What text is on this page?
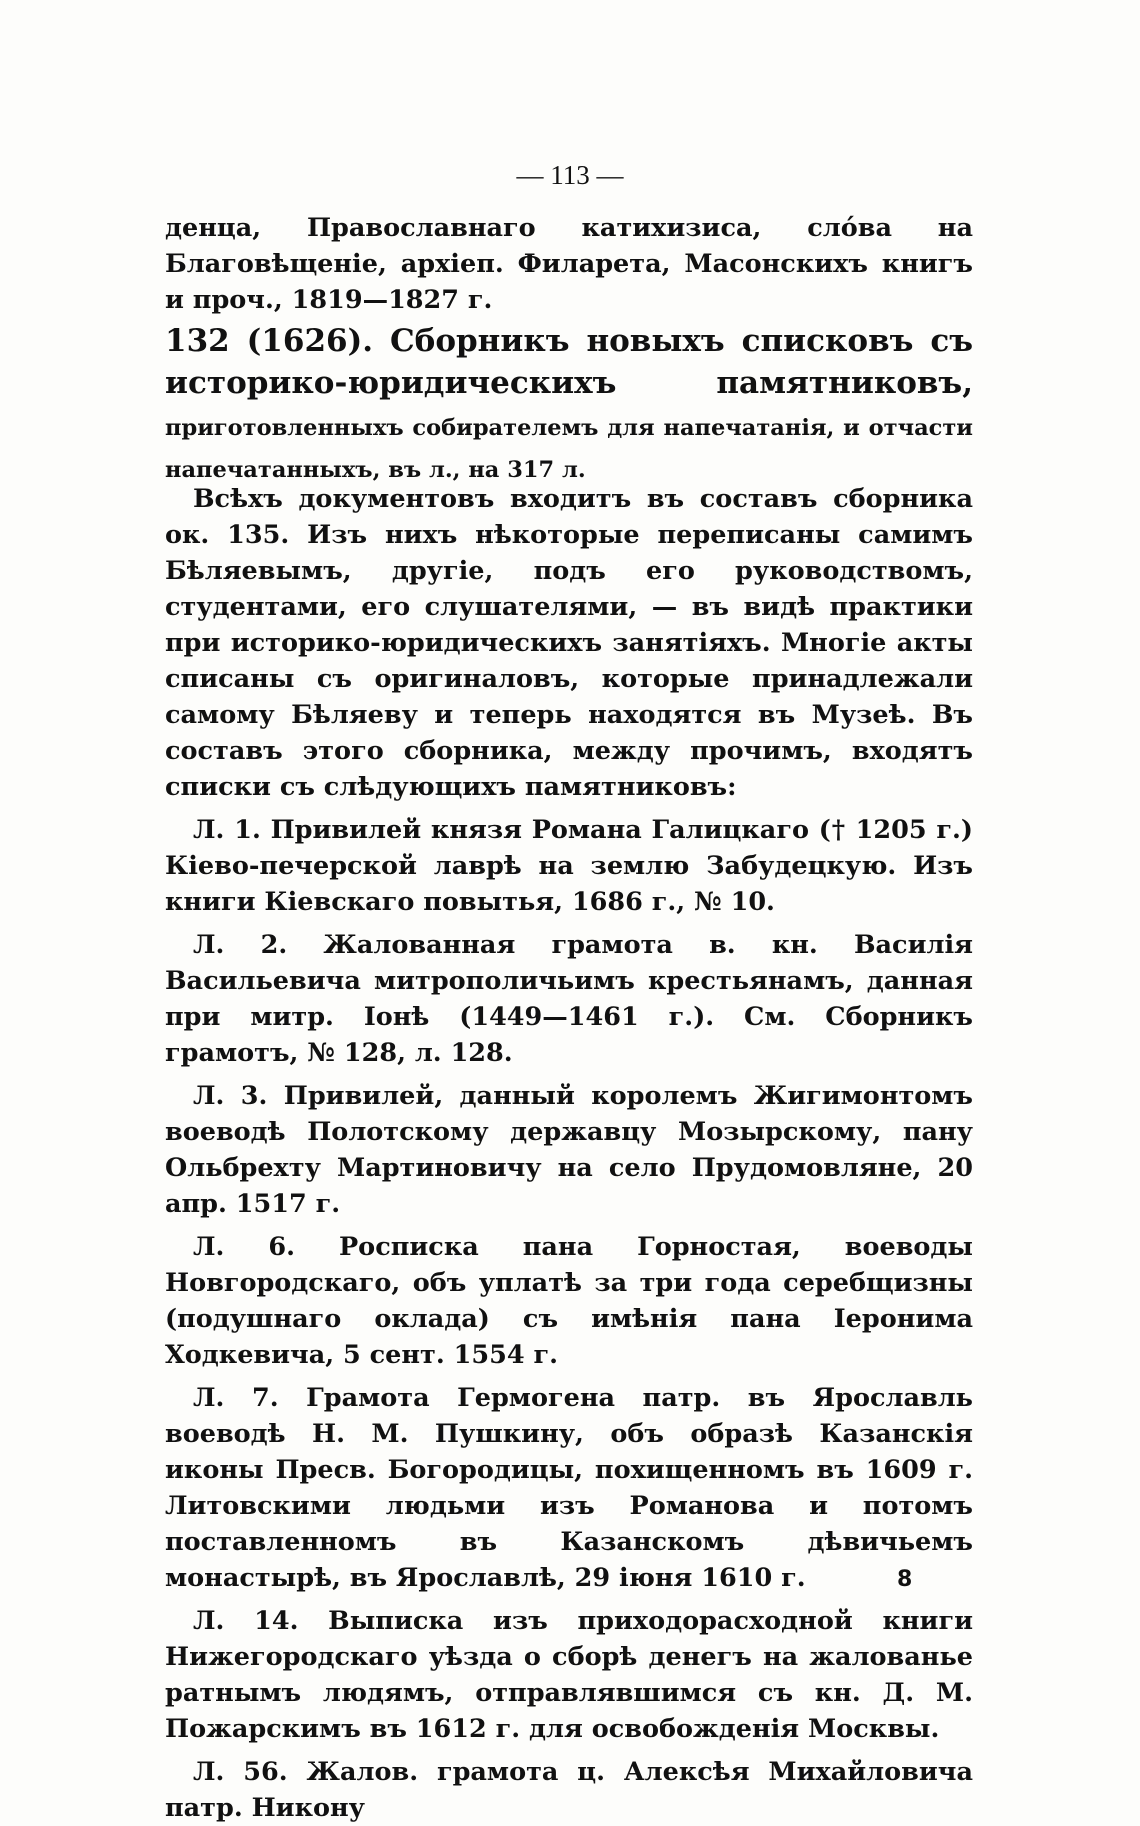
— 113 —

денца, Православнаго катихизиса, сло́ва на Благовѣщеніе, архіеп. Филарета, Масонскихъ книгъ и проч., 1819—1827 г.

132 (1626). Сборникъ новыхъ списковъ съ историко-юридическихъ памятниковъ, приготовленныхъ собирателемъ для напечатанія, и отчасти напечатанныхъ, въ л., на 317 л.

Всѣхъ документовъ входитъ въ составъ сборника ок. 135. Изъ нихъ нѣкоторые переписаны самимъ Бѣляевымъ, другіе, подъ его руководствомъ, студентами, его слушателями, — въ видѣ практики при историко-юридическихъ занятіяхъ. Многіе акты списаны съ оригиналовъ, которые принадлежали самому Бѣляеву и теперь находятся въ Музеѣ. Въ составъ этого сборника, между прочимъ, входятъ списки съ слѣдующихъ памятниковъ:

Л. 1. Привилей князя Романа Галицкаго († 1205 г.) Кіево-печерской лаврѣ на землю Забудецкую. Изъ книги Кіевскаго повытья, 1686 г., № 10.

Л. 2. Жалованная грамота в. кн. Василія Васильевича митрополичьимъ крестьянамъ, данная при митр. Іонѣ (1449—1461 г.). См. Сборникъ грамотъ, № 128, л. 128.

Л. 3. Привилей, данный королемъ Жигимонтомъ воеводѣ Полотскому державцу Мозырскому, пану Ольбрехту Мартиновичу на село Прудомовляне, 20 апр. 1517 г.

Л. 6. Росписка пана Горностая, воеводы Новгородскаго, объ уплатѣ за три года серебщизны (подушнаго оклада) съ имѣнія пана Іеронима Ходкевича, 5 сент. 1554 г.

Л. 7. Грамота Гермогена патр. въ Ярославль воеводѣ Н. М. Пушкину, объ образѣ Казанскія иконы Пресв. Богородицы, похищенномъ въ 1609 г. Литовскими людьми изъ Романова и потомъ поставленномъ въ Казанскомъ дѣвичьемъ монастырѣ, въ Ярославлѣ, 29 іюня 1610 г.

Л. 14. Выписка изъ приходорасходной книги Нижегородскаго уѣзда о сборѣ денегъ на жалованье ратнымъ людямъ, отправлявшимся съ кн. Д. М. Пожарскимъ въ 1612 г. для освобожденія Москвы.

Л. 56. Жалов. грамота ц. Алексѣя Михайловича патр. Никону

8
